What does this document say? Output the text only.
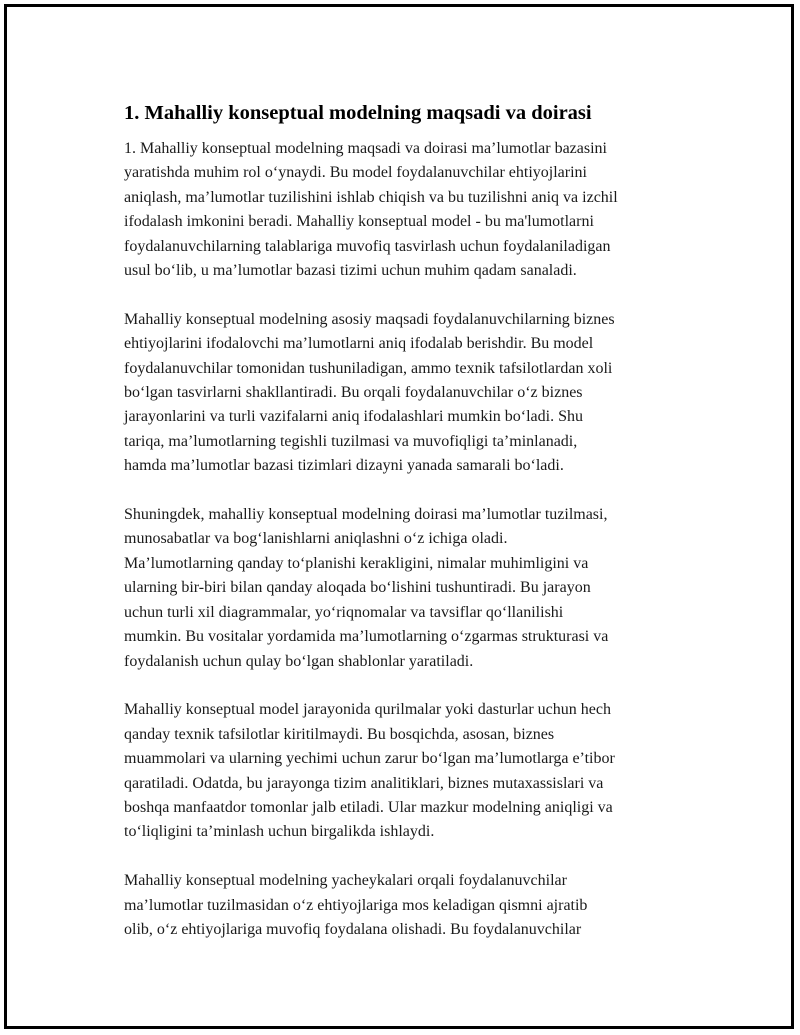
1. Mahalliy konseptual modelning maqsadi va doirasi

1. Mahalliy konseptual modelning maqsadi va doirasi ma’lumotlar bazasini
yaratishda muhim rol oʻynaydi. Bu model foydalanuvchilar ehtiyojlarini
aniqlash, ma’lumotlar tuzilishini ishlab chiqish va bu tuzilishni aniq va izchil
ifodalash imkonini beradi. Mahalliy konseptual model - bu ma'lumotlarni
foydalanuvchilarning talablariga muvofiq tasvirlash uchun foydalaniladigan
usul boʻlib, u ma’lumotlar bazasi tizimi uchun muhim qadam sanaladi.

Mahalliy konseptual modelning asosiy maqsadi foydalanuvchilarning biznes
ehtiyojlarini ifodalovchi ma’lumotlarni aniq ifodalab berishdir. Bu model
foydalanuvchilar tomonidan tushuniladigan, ammo texnik tafsilotlardan xoli
boʻlgan tasvirlarni shakllantiradi. Bu orqali foydalanuvchilar oʻz biznes
jarayonlarini va turli vazifalarni aniq ifodalashlari mumkin boʻladi. Shu
tariqa, ma’lumotlarning tegishli tuzilmasi va muvofiqligi ta’minlanadi,
hamda ma’lumotlar bazasi tizimlari dizayni yanada samarali boʻladi.

Shuningdek, mahalliy konseptual modelning doirasi ma’lumotlar tuzilmasi,
munosabatlar va bogʻlanishlarni aniqlashni oʻz ichiga oladi.
Ma’lumotlarning qanday toʻplanishi kerakligini, nimalar muhimligini va
ularning bir-biri bilan qanday aloqada boʻlishini tushuntiradi. Bu jarayon
uchun turli xil diagrammalar, yoʻriqnomalar va tavsiflar qoʻllanilishi
mumkin. Bu vositalar yordamida ma’lumotlarning oʻzgarmas strukturasi va
foydalanish uchun qulay boʻlgan shablonlar yaratiladi.

Mahalliy konseptual model jarayonida qurilmalar yoki dasturlar uchun hech
qanday texnik tafsilotlar kiritilmaydi. Bu bosqichda, asosan, biznes
muammolari va ularning yechimi uchun zarur boʻlgan ma’lumotlarga e’tibor
qaratiladi. Odatda, bu jarayonga tizim analitiklari, biznes mutaxassislari va
boshqa manfaatdor tomonlar jalb etiladi. Ular mazkur modelning aniqligi va
toʻliqligini ta’minlash uchun birgalikda ishlaydi.

Mahalliy konseptual modelning yacheykalari orqali foydalanuvchilar
ma’lumotlar tuzilmasidan oʻz ehtiyojlariga mos keladigan qismni ajratib
olib, oʻz ehtiyojlariga muvofiq foydalana olishadi. Bu foydalanuvchilar
